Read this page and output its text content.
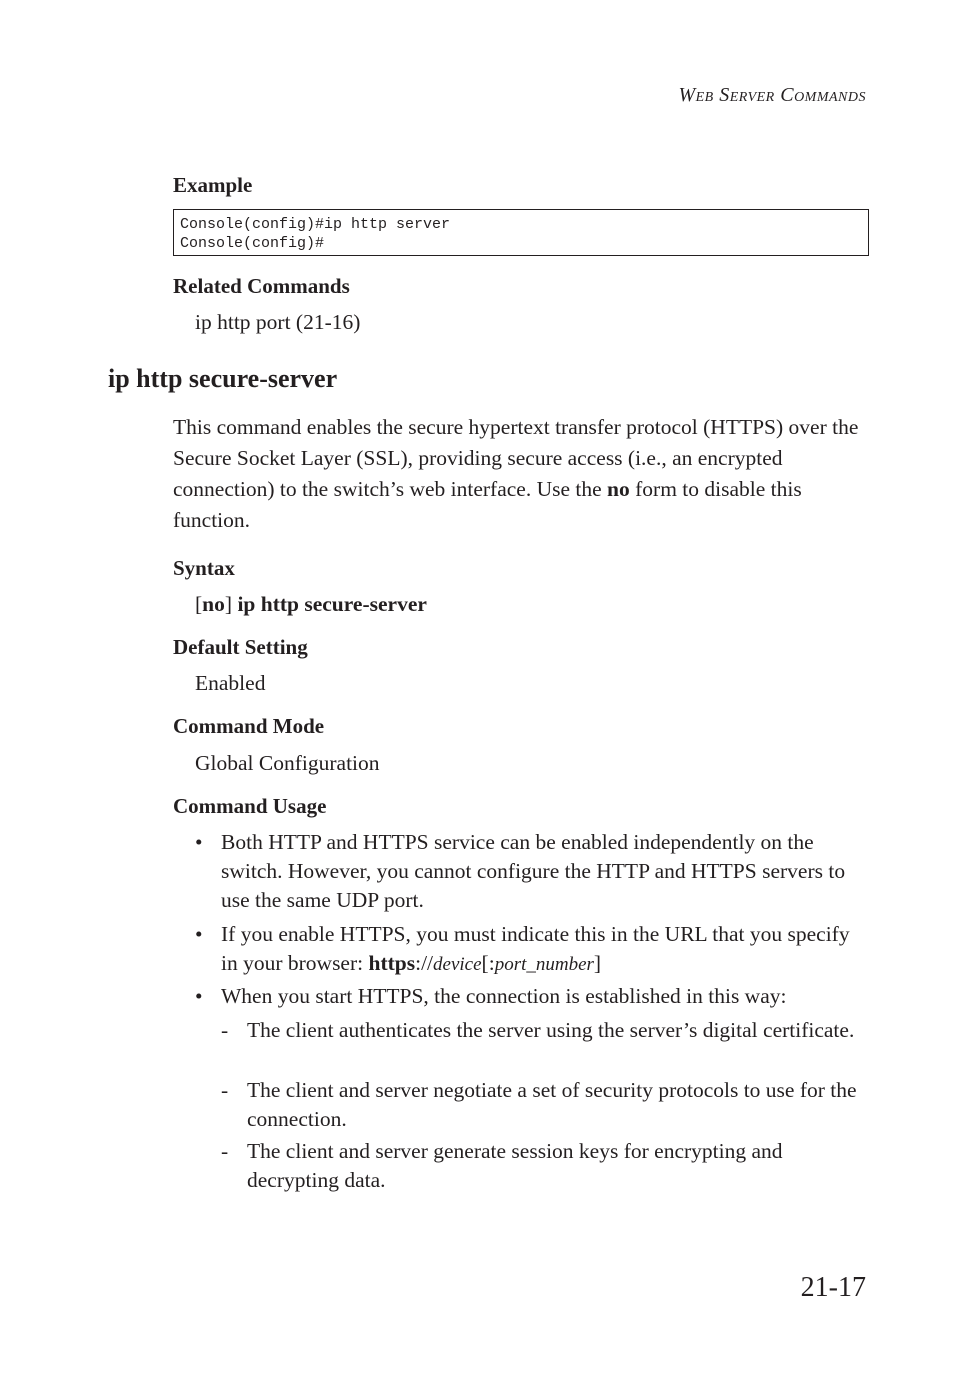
Web Server Commands
Example
Console(config)#ip http server
Console(config)#
Related Commands
ip http port (21-16)
ip http secure-server
This command enables the secure hypertext transfer protocol (HTTPS) over the Secure Socket Layer (SSL), providing secure access (i.e., an encrypted connection) to the switch’s web interface. Use the no form to disable this function.
Syntax
[no] ip http secure-server
Default Setting
Enabled
Command Mode
Global Configuration
Command Usage
• Both HTTP and HTTPS service can be enabled independently on the switch. However, you cannot configure the HTTP and HTTPS servers to use the same UDP port.
• If you enable HTTPS, you must indicate this in the URL that you specify in your browser: https://device[:port_number]
• When you start HTTPS, the connection is established in this way:
- The client authenticates the server using the server’s digital certificate.
- The client and server negotiate a set of security protocols to use for the connection.
- The client and server generate session keys for encrypting and decrypting data.
21-17
